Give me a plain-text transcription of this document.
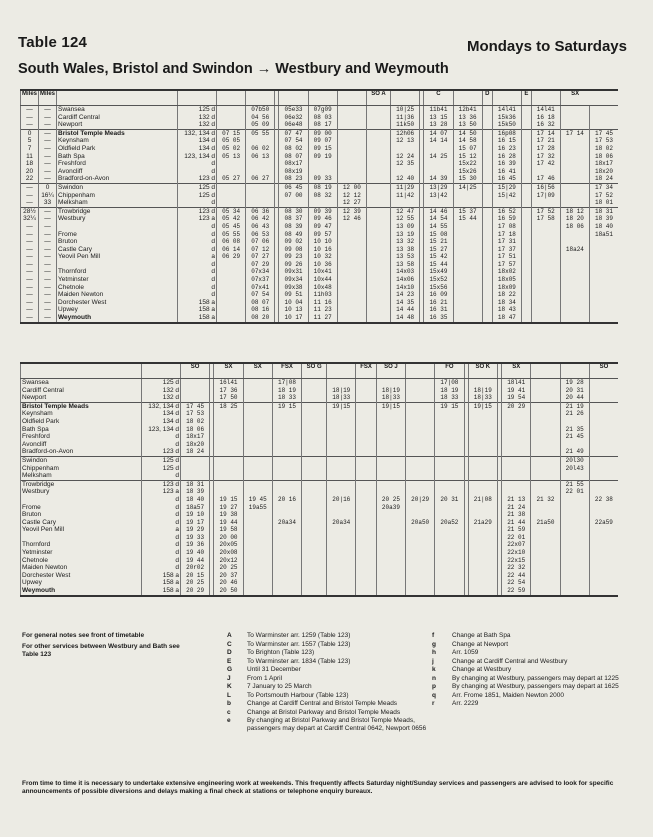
Table 124	Mondays to Saturdays
South Wales, Bristol and Swindon → Westbury and Weymouth
Miles	Miles									SO A			C		D		E		SX	
—	—	Swansea	125 d		07b50		05e33	07g09			10|25		11b41	12b41		14l41		14l41		
—	—	Cardiff Central	132 d		04 56		06e32	08 03			11|36		13 15	13 36		15k36		16 18		
—	—	Newport	132 d		05 09		06e48	08 17			11k50		13 28	13 50		15k50		16 32		
0	—	Bristol Temple Meads	132, 134 d	07 15	05 55		07 47	09 00			12h06		14 07	14 50		16p08		17 14	17 14	17 45
5	—	Keynsham	134 d	05 05			07 54	09 07			12 13		14 14	14 58		16 15		17 21		17 53
7	—	Oldfield Park	134 d	05 02	06 02		08 02	09 15						15 07		16 23		17 28		18 02
11	—	Bath Spa	123, 134 d	05 13	06 13		08 07	09 19			12 24		14 25	15 12		16 28		17 32		18 06
18	—	Freshford	d				08x17				12 35			15x22		16 39		17 42		18x17
20	—	Avoncliff	d				08x19							15x26		16 41				18x20
22	—	Bradford-on-Avon	123 d	05 27	06 27		08 23	09 33			12 40		14 39	15 30		16 45		17 46		18 24
—	0	Swindon	125 d				06 45	08 19	12 00		11|29		13|29	14|25		15|29		16|56		17 34
—	16¼	Chippenham	125 d				07 00	08 32	12 12		11|42		13|42			15|42		17|09		17 52
—	33	Melksham	d						12 27											18 01
28½	—	Trowbridge	123 d	05 34	06 36		08 30	09 39	12 39		12 47		14 46	15 37		16 52		17 52	18 12	18 31
32¼	—	Westbury	123 a	05 42	06 42		08 37	09 46	12 46		12 55		14 54	15 44		16 59		17 58	18 20	18 39
—	—		d	05 45	06 43		08 39	09 47			13 09		14 55			17 08			18 06	18 40
—	—	Frome	d	05 55	06 53		08 49	09 57			13 19		15 08			17 18				18a51
—	—	Bruton	d	06 08	07 06		09 02	10 10			13 32		15 21			17 31				
—	—	Castle Cary	d	06 14	07 12		09 08	10 16			13 38		15 27			17 37			18a24	
—	—	Yeovil Pen Mill	a	06 29	07 27		09 23	10 32			13 53		15 42			17 51				
—	—		d		07 29		09 26	10 36			13 58		15 44			17 57				
—	—	Thornford	d		07x34		09x31	10x41			14x03		15x49			18x02				
—	—	Yetminster	d		07x37		09x34	10x44			14x06		15x52			18x05				
—	—	Chetnole	d		07x41		09x38	10x48			14x10		15x56			18x09				
—	—	Maiden Newton	d		07 54		09 51	11h03			14 23		16 09			18 22				
—	—	Dorchester West	158 a		08 07		10 04	11 16			14 35		16 21			18 34				
—	—	Upwey	158 a		08 16		10 13	11 23			14 44		16 31			18 43				
—	—	Weymouth	158 a		08 20		10 17	11 27			14 48		16 35			18 47				
		SO		SX	SX	FSX	SO G		FSX	SO J		FO		SO K		SX			SO
Swansea	125 d			16l41		17|08						17|08				18l41		19 28	
Cardiff Central	132 d			17 36		18 19		18|19		18|19		18 19		18|19		19 41		20 31	
Newport	132 d			17 50		18 33		18|33		18|33		18 33		18|33		19 54		20 44	
Bristol Temple Meads	132, 134 d	17 45		18 25		19 15		19|15		19|15		19 15		19|15		20 29		21 19	
Keynsham	134 d	17 53																21 26	
Oldfield Park	134 d	18 02																	
Bath Spa	123, 134 d	18 06																21 35	
Freshford	d	18x17																21 45	
Avoncliff	d	18x20																	
Bradford-on-Avon	123 d	18 24																21 49	
Swindon	125 d																	20l30	
Chippenham	125 d																	20l43	
Melksham	d																		
Trowbridge	123 d	18 31																21 55	
Westbury	123 a	18 39																22 01	
	d	18 40		19 15	19 45	20 16		20|16		20 25	20|29	20 31		21|08		21 13	21 32		22 38
Frome	d	18a57		19 27	19a55					20a39						21 24			
Bruton	d	19 10		19 38												21 38			
Castle Cary	d	19 17		19 44		20a34		20a34			20a50	20a52		21a29		21 44	21a50		22a59
Yeovil Pen Mill	a	19 29		19 58												21 59			
	d	19 33		20 00												22 01			
Thornford	d	19 36		20x05												22x07			
Yetminster	d	19 40		20x08												22x10			
Chetnole	d	19 44		20x12												22x15			
Maiden Newton	d	20r02		20 25												22 32			
Dorchester West	158 a	20 15		20 37												22 44			
Upwey	158 a	20 25		20 46												22 54			
Weymouth	158 a	20 29		20 50												22 59			
For general notes see front of timetable
For other services between Westbury and Bath see Table 123
A	To Warminster arr. 1259 (Table 123)
C	To Warminster arr. 1557 (Table 123)
D	To Brighton (Table 123)
E	To Warminster arr. 1834 (Table 123)
G	Until 31 December
J	From 1 April
K	7 January to 25 March
L	To Portsmouth Harbour (Table 123)
b	Change at Cardiff Central and Bristol Temple Meads
c	Change at Bristol Parkway and Bristol Temple Meads
e	By changing at Bristol Parkway and Bristol Temple Meads, passengers may depart at Cardiff Central 0642, Newport 0656
f	Change at Bath Spa
g	Change at Newport
h	Arr. 1059
j	Change at Cardiff Central and Westbury
k	Change at Westbury
n	By changing at Westbury, passengers may depart at 1225
p	By changing at Westbury, passengers may depart at 1625
q	Arr. Frome 1851, Maiden Newton 2000
r	Arr. 2229
From time to time it is necessary to undertake extensive engineering work at weekends. This frequently affects Saturday night/Sunday services and passengers are advised to look for specific announcements of possible diversions and delays making a final check at stations or telephone enquiry bureaux.
